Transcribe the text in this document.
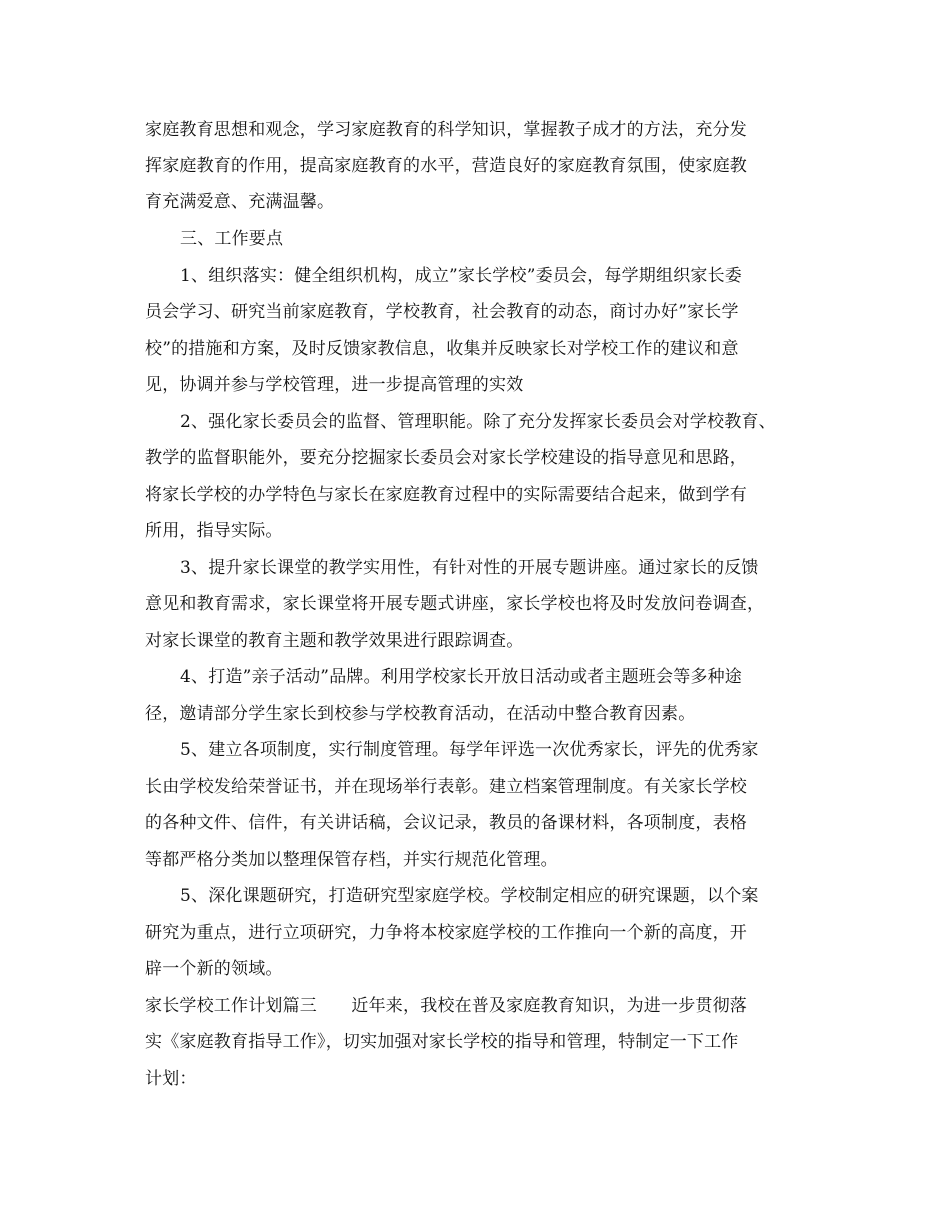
家庭教育思想和观念，学习家庭教育的科学知识，掌握教子成才的方法，充分发
挥家庭教育的作用，提高家庭教育的水平，营造良好的家庭教育氛围，使家庭教
育充满爱意、充满温馨。
三、工作要点
1、组织落实：健全组织机构，成立”家长学校”委员会，每学期组织家长委
员会学习、研究当前家庭教育，学校教育，社会教育的动态，商讨办好”家长学
校”的措施和方案，及时反馈家教信息，收集并反映家长对学校工作的建议和意
见，协调并参与学校管理，进一步提高管理的实效
2、强化家长委员会的监督、管理职能。除了充分发挥家长委员会对学校教育、
教学的监督职能外，要充分挖掘家长委员会对家长学校建设的指导意见和思路，
将家长学校的办学特色与家长在家庭教育过程中的实际需要结合起来，做到学有
所用，指导实际。
3、提升家长课堂的教学实用性，有针对性的开展专题讲座。通过家长的反馈
意见和教育需求，家长课堂将开展专题式讲座，家长学校也将及时发放问卷调查，
对家长课堂的教育主题和教学效果进行跟踪调查。
4、打造”亲子活动”品牌。利用学校家长开放日活动或者主题班会等多种途
径，邀请部分学生家长到校参与学校教育活动，在活动中整合教育因素。
5、建立各项制度，实行制度管理。每学年评选一次优秀家长，评先的优秀家
长由学校发给荣誉证书，并在现场举行表彰。建立档案管理制度。有关家长学校
的各种文件、信件，有关讲话稿，会议记录，教员的备课材料，各项制度，表格
等都严格分类加以整理保管存档，并实行规范化管理。
5、深化课题研究，打造研究型家庭学校。学校制定相应的研究课题，以个案
研究为重点，进行立项研究，力争将本校家庭学校的工作推向一个新的高度，开
辟一个新的领域。
家长学校工作计划篇三　　近年来，我校在普及家庭教育知识，为进一步贯彻落
实《家庭教育指导工作》，切实加强对家长学校的指导和管理，特制定一下工作
计划：
